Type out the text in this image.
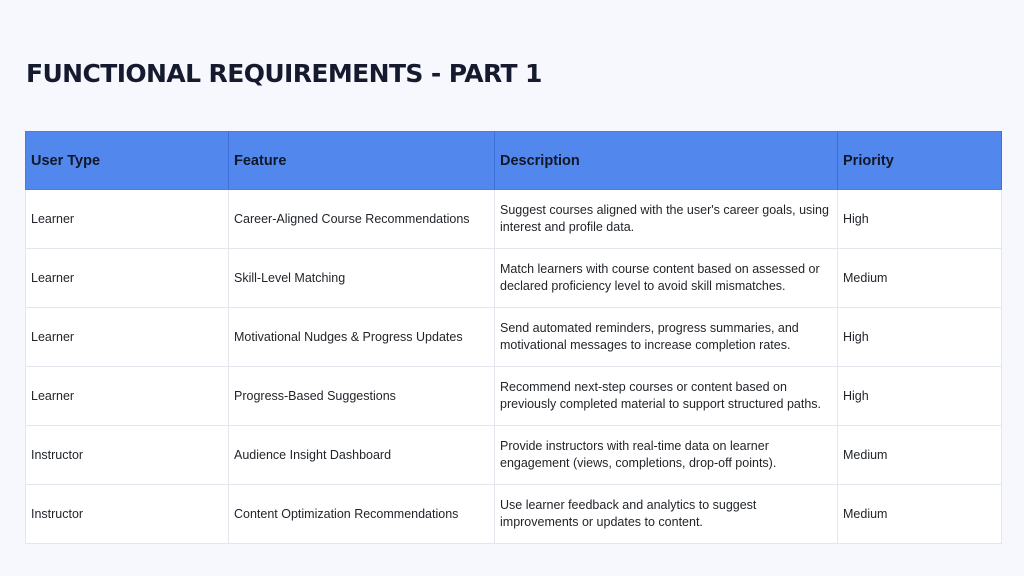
FUNCTIONAL REQUIREMENTS - PART 1
User Type	Feature	Description	Priority
Learner	Career-Aligned Course Recommendations	Suggest courses aligned with the user's career goals, using interest and profile data.	High
Learner	Skill-Level Matching	Match learners with course content based on assessed or declared proficiency level to avoid skill mismatches.	Medium
Learner	Motivational Nudges & Progress Updates	Send automated reminders, progress summaries, and motivational messages to increase completion rates.	High
Learner	Progress-Based Suggestions	Recommend next-step courses or content based on previously completed material to support structured paths.	High
Instructor	Audience Insight Dashboard	Provide instructors with real-time data on learner engagement (views, completions, drop-off points).	Medium
Instructor	Content Optimization Recommendations	Use learner feedback and analytics to suggest improvements or updates to content.	Medium
